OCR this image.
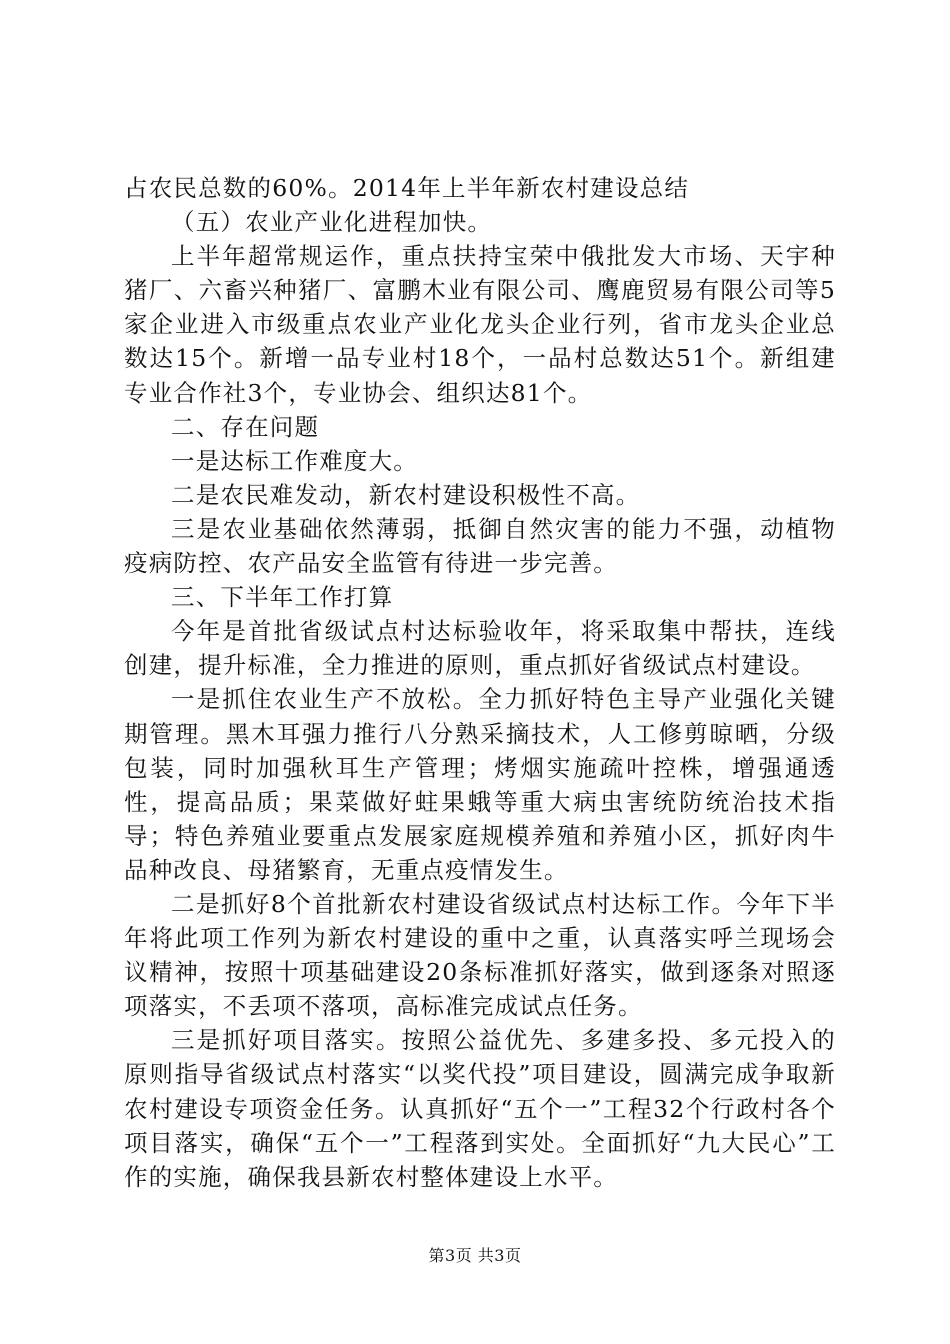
占农民总数的60%。2014年上半年新农村建设总结

（五）农业产业化进程加快。

上半年超常规运作，重点扶持宝荣中俄批发大市场、天宇种猪厂、六畜兴种猪厂、富鹏木业有限公司、鹰鹿贸易有限公司等5家企业进入市级重点农业产业化龙头企业行列，省市龙头企业总数达15个。新增一品专业村18个，一品村总数达51个。新组建专业合作社3个，专业协会、组织达81个。

二、存在问题

一是达标工作难度大。

二是农民难发动，新农村建设积极性不高。

三是农业基础依然薄弱，抵御自然灾害的能力不强，动植物疫病防控、农产品安全监管有待进一步完善。

三、下半年工作打算

今年是首批省级试点村达标验收年，将采取集中帮扶，连线创建，提升标准，全力推进的原则，重点抓好省级试点村建设。

一是抓住农业生产不放松。全力抓好特色主导产业强化关键期管理。黑木耳强力推行八分熟采摘技术，人工修剪晾晒，分级包装，同时加强秋耳生产管理；烤烟实施疏叶控株，增强通透性，提高品质；果菜做好蛀果蛾等重大病虫害统防统治技术指导；特色养殖业要重点发展家庭规模养殖和养殖小区，抓好肉牛品种改良、母猪繁育，无重点疫情发生。

二是抓好8个首批新农村建设省级试点村达标工作。今年下半年将此项工作列为新农村建设的重中之重，认真落实呼兰现场会议精神，按照十项基础建设20条标准抓好落实，做到逐条对照逐项落实，不丢项不落项，高标准完成试点任务。

三是抓好项目落实。按照公益优先、多建多投、多元投入的原则指导省级试点村落实“以奖代投”项目建设，圆满完成争取新农村建设专项资金任务。认真抓好“五个一”工程32个行政村各个项目落实，确保“五个一”工程落到实处。全面抓好“九大民心”工作的实施，确保我县新农村整体建设上水平。

第3页 共3页
